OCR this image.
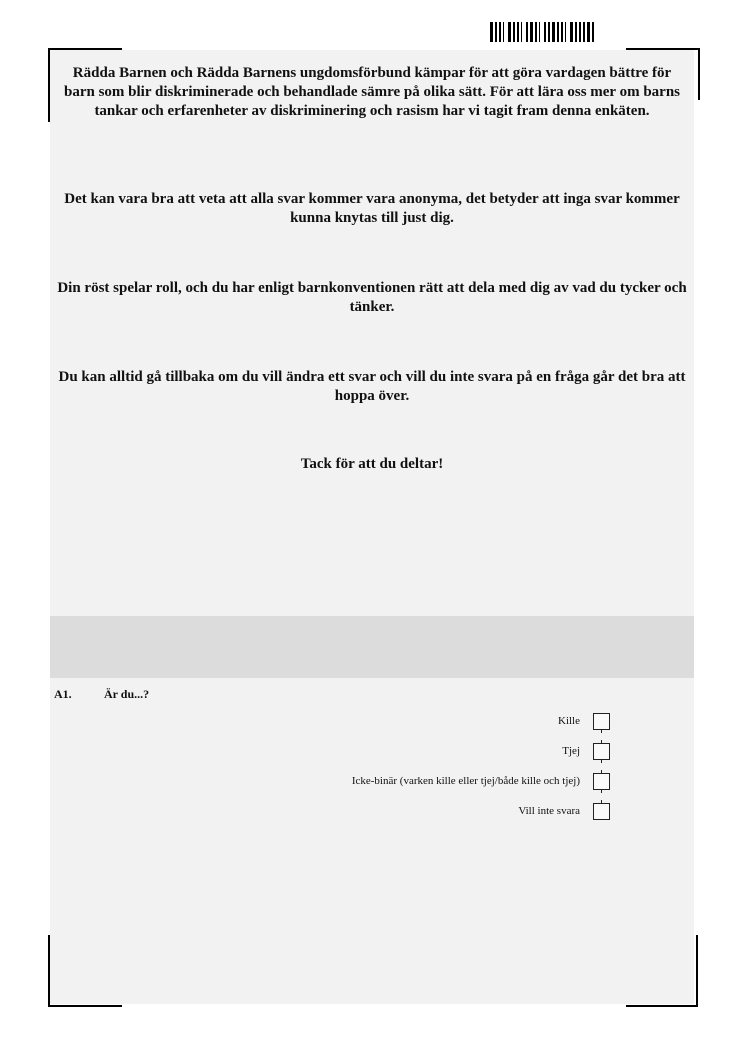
Rädda Barnen och Rädda Barnens ungdomsförbund kämpar för att göra vardagen bättre för barn som blir diskriminerade och behandlade sämre på olika sätt. För att lära oss mer om barns tankar och erfarenheter av diskriminering och rasism har vi tagit fram denna enkäten.

Det kan vara bra att veta att alla svar kommer vara anonyma, det betyder att inga svar kommer kunna knytas till just dig.

Din röst spelar roll, och du har enligt barnkonventionen rätt att dela med dig av vad du tycker och tänker.

Du kan alltid gå tillbaka om du vill ändra ett svar och vill du inte svara på en fråga går det bra att hoppa över.

Tack för att du deltar!

A1.	Är du...?
Kille
Tjej
Icke-binär (varken kille eller tjej/både kille och tjej)
Vill inte svara
